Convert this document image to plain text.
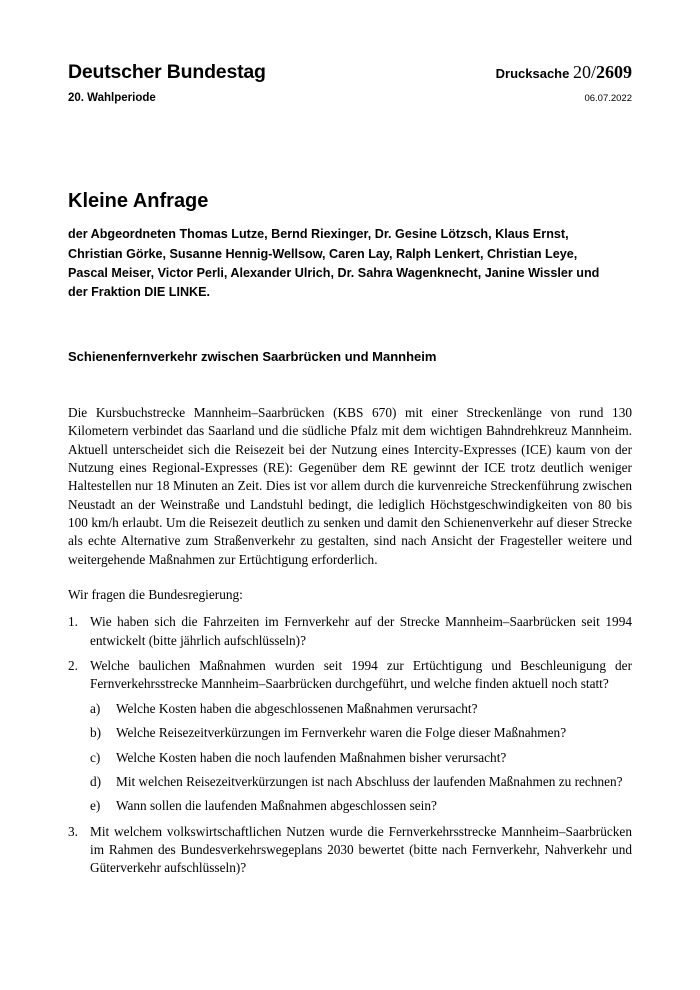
Deutscher Bundestag
20. Wahlperiode
Drucksache 20/2609
06.07.2022
Kleine Anfrage
der Abgeordneten Thomas Lutze, Bernd Riexinger, Dr. Gesine Lötzsch, Klaus Ernst, Christian Görke, Susanne Hennig-Wellsow, Caren Lay, Ralph Lenkert, Christian Leye, Pascal Meiser, Victor Perli, Alexander Ulrich, Dr. Sahra Wagenknecht, Janine Wissler und der Fraktion DIE LINKE.
Schienenfernverkehr zwischen Saarbrücken und Mannheim
Die Kursbuchstrecke Mannheim–Saarbrücken (KBS 670) mit einer Streckenlänge von rund 130 Kilometern verbindet das Saarland und die südliche Pfalz mit dem wichtigen Bahndrehkreuz Mannheim. Aktuell unterscheidet sich die Reisezeit bei der Nutzung eines Intercity-Expresses (ICE) kaum von der Nutzung eines Regional-Expresses (RE): Gegenüber dem RE gewinnt der ICE trotz deutlich weniger Haltestellen nur 18 Minuten an Zeit. Dies ist vor allem durch die kurvenreiche Streckenführung zwischen Neustadt an der Weinstraße und Landstuhl bedingt, die lediglich Höchstgeschwindigkeiten von 80 bis 100 km/h erlaubt. Um die Reisezeit deutlich zu senken und damit den Schienenverkehr auf dieser Strecke als echte Alternative zum Straßenverkehr zu gestalten, sind nach Ansicht der Fragesteller weitere und weitergehende Maßnahmen zur Ertüchtigung erforderlich.
Wir fragen die Bundesregierung:
1. Wie haben sich die Fahrzeiten im Fernverkehr auf der Strecke Mannheim–Saarbrücken seit 1994 entwickelt (bitte jährlich aufschlüsseln)?
2. Welche baulichen Maßnahmen wurden seit 1994 zur Ertüchtigung und Beschleunigung der Fernverkehrsstrecke Mannheim–Saarbrücken durchgeführt, und welche finden aktuell noch statt?
a)	Welche Kosten haben die abgeschlossenen Maßnahmen verursacht?
b)	Welche Reisezeitverkürzungen im Fernverkehr waren die Folge dieser Maßnahmen?
c)	Welche Kosten haben die noch laufenden Maßnahmen bisher verursacht?
d)	Mit welchen Reisezeitverkürzungen ist nach Abschluss der laufenden Maßnahmen zu rechnen?
e)	Wann sollen die laufenden Maßnahmen abgeschlossen sein?
3. Mit welchem volkswirtschaftlichen Nutzen wurde die Fernverkehrsstrecke Mannheim–Saarbrücken im Rahmen des Bundesverkehrswegeplans 2030 bewertet (bitte nach Fernverkehr, Nahverkehr und Güterverkehr aufschlüsseln)?
